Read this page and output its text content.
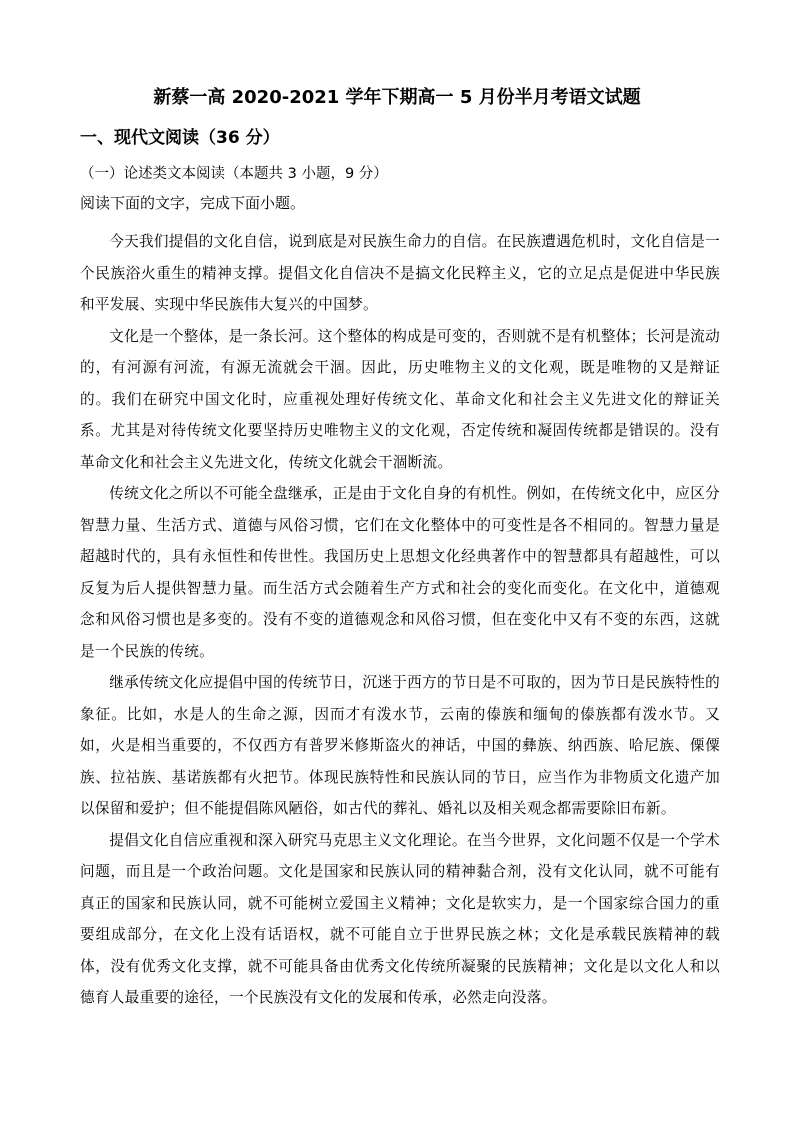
新蔡一高 2020-2021 学年下期高一 5 月份半月考语文试题
一、现代文阅读（36 分）
（一）论述类文本阅读（本题共 3 小题，9 分）
阅读下面的文字，完成下面小题。

今天我们提倡的文化自信，说到底是对民族生命力的自信。在民族遭遇危机时，文化自信是一个民族浴火重生的精神支撑。提倡文化自信决不是搞文化民粹主义，它的立足点是促进中华民族和平发展、实现中华民族伟大复兴的中国梦。

文化是一个整体，是一条长河。这个整体的构成是可变的，否则就不是有机整体；长河是流动的，有河源有河流，有源无流就会干涸。因此，历史唯物主义的文化观，既是唯物的又是辩证的。我们在研究中国文化时，应重视处理好传统文化、革命文化和社会主义先进文化的辩证关系。尤其是对待传统文化要坚持历史唯物主义的文化观，否定传统和凝固传统都是错误的。没有革命文化和社会主义先进文化，传统文化就会干涸断流。

传统文化之所以不可能全盘继承，正是由于文化自身的有机性。例如，在传统文化中，应区分智慧力量、生活方式、道德与风俗习惯，它们在文化整体中的可变性是各不相同的。智慧力量是超越时代的，具有永恒性和传世性。我国历史上思想文化经典著作中的智慧都具有超越性，可以反复为后人提供智慧力量。而生活方式会随着生产方式和社会的变化而变化。在文化中，道德观念和风俗习惯也是多变的。没有不变的道德观念和风俗习惯，但在变化中又有不变的东西，这就是一个民族的传统。

继承传统文化应提倡中国的传统节日，沉迷于西方的节日是不可取的，因为节日是民族特性的象征。比如，水是人的生命之源，因而才有泼水节，云南的傣族和缅甸的傣族都有泼水节。又如，火是相当重要的，不仅西方有普罗米修斯盗火的神话，中国的彝族、纳西族、哈尼族、傈僳族、拉祜族、基诺族都有火把节。体现民族特性和民族认同的节日，应当作为非物质文化遗产加以保留和爱护；但不能提倡陈风陋俗，如古代的葬礼、婚礼以及相关观念都需要除旧布新。

提倡文化自信应重视和深入研究马克思主义文化理论。在当今世界，文化问题不仅是一个学术问题，而且是一个政治问题。文化是国家和民族认同的精神黏合剂，没有文化认同，就不可能有真正的国家和民族认同，就不可能树立爱国主义精神；文化是软实力，是一个国家综合国力的重要组成部分，在文化上没有话语权，就不可能自立于世界民族之林；文化是承载民族精神的载体，没有优秀文化支撑，就不可能具备由优秀文化传统所凝聚的民族精神；文化是以文化人和以德育人最重要的途径，一个民族没有文化的发展和传承，必然走向没落。
